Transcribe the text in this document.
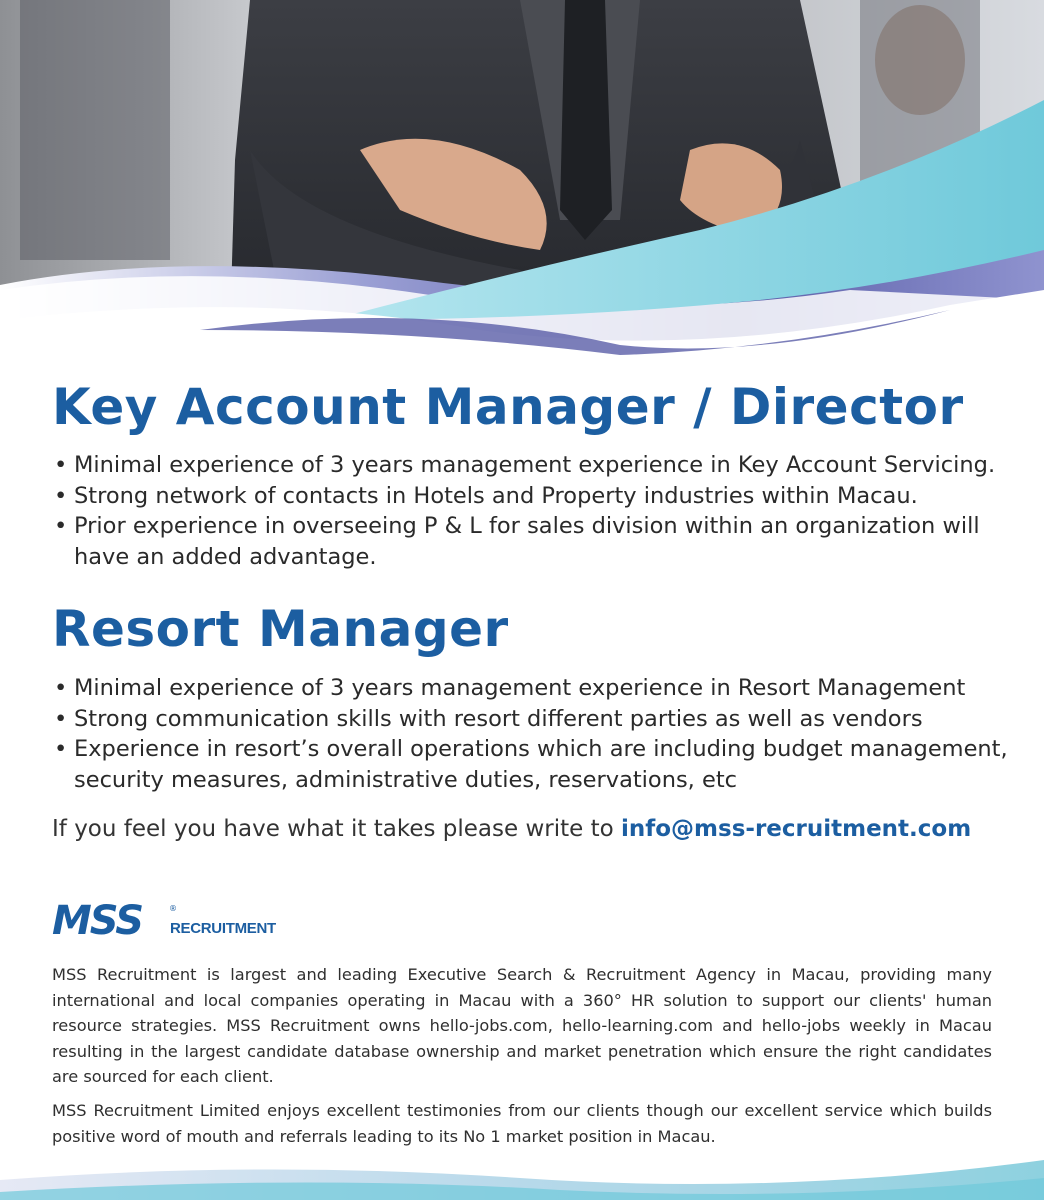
Key Account Manager / Director
• Minimal experience of 3 years management experience in Key Account Servicing.
• Strong network of contacts in Hotels and Property industries within Macau.
• Prior experience in overseeing P & L for sales division within an organization will have an added advantage.
Resort Manager
• Minimal experience of 3 years management experience in Resort Management
• Strong communication skills with resort different parties as well as vendors
• Experience in resort’s overall operations which are including budget management, security measures, administrative duties, reservations, etc

If you feel you have what it takes please write to info@mss-recruitment.com

MSS	®
RECRUITMENT

MSS Recruitment is largest and leading Executive Search & Recruitment Agency in Macau, providing many international and local companies operating in Macau with a 360° HR solution to support our clients' human resource strategies. MSS Recruitment owns hello-jobs.com, hello-learning.com and hello-jobs weekly in Macau resulting in the largest candidate database ownership and market penetration which ensure the right candidates are sourced for each client.

MSS Recruitment Limited enjoys excellent testimonies from our clients though our excellent service which builds positive word of mouth and referrals leading to its No 1 market position in Macau.
